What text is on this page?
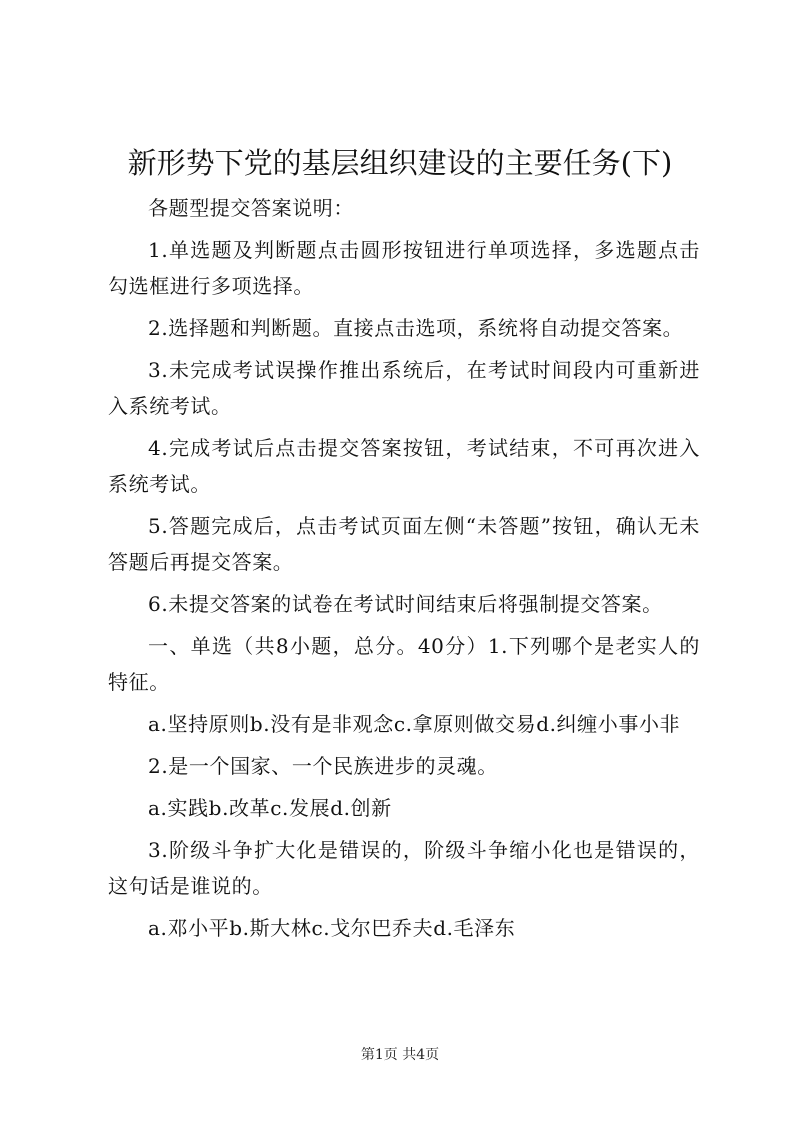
新形势下党的基层组织建设的主要任务(下)

各题型提交答案说明：

1.单选题及判断题点击圆形按钮进行单项选择，多选题点击勾选框进行多项选择。

2.选择题和判断题。直接点击选项，系统将自动提交答案。

3.未完成考试误操作推出系统后，在考试时间段内可重新进入系统考试。

4.完成考试后点击提交答案按钮，考试结束，不可再次进入系统考试。

5.答题完成后，点击考试页面左侧“未答题”按钮，确认无未答题后再提交答案。

6.未提交答案的试卷在考试时间结束后将强制提交答案。

一、单选（共8小题，总分。40分）1.下列哪个是老实人的特征。

a.坚持原则b.没有是非观念c.拿原则做交易d.纠缠小事小非

2.是一个国家、一个民族进步的灵魂。

a.实践b.改革c.发展d.创新

3.阶级斗争扩大化是错误的，阶级斗争缩小化也是错误的，这句话是谁说的。

a.邓小平b.斯大林c.戈尔巴乔夫d.毛泽东

第1页 共4页
